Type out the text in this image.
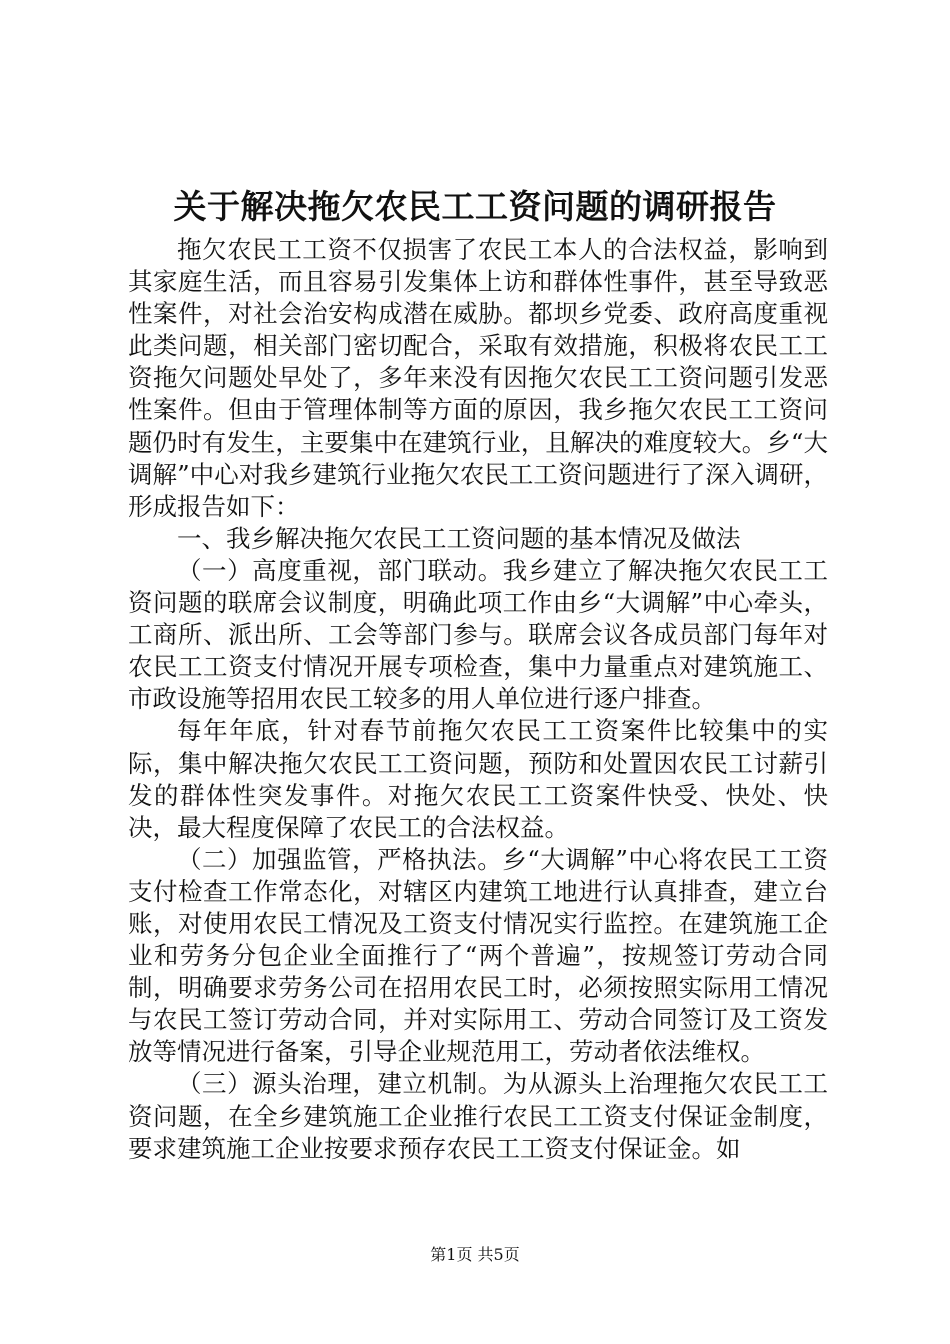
关于解决拖欠农民工工资问题的调研报告

拖欠农民工工资不仅损害了农民工本人的合法权益，影响到其家庭生活，而且容易引发集体上访和群体性事件，甚至导致恶性案件，对社会治安构成潜在威胁。都坝乡党委、政府高度重视此类问题，相关部门密切配合，采取有效措施，积极将农民工工资拖欠问题处早处了，多年来没有因拖欠农民工工资问题引发恶性案件。但由于管理体制等方面的原因，我乡拖欠农民工工资问题仍时有发生，主要集中在建筑行业，且解决的难度较大。乡“大调解”中心对我乡建筑行业拖欠农民工工资问题进行了深入调研，形成报告如下：

一、我乡解决拖欠农民工工资问题的基本情况及做法

（一）高度重视，部门联动。我乡建立了解决拖欠农民工工资问题的联席会议制度，明确此项工作由乡“大调解”中心牵头，工商所、派出所、工会等部门参与。联席会议各成员部门每年对农民工工资支付情况开展专项检查，集中力量重点对建筑施工、市政设施等招用农民工较多的用人单位进行逐户排查。

每年年底，针对春节前拖欠农民工工资案件比较集中的实际，集中解决拖欠农民工工资问题，预防和处置因农民工讨薪引发的群体性突发事件。对拖欠农民工工资案件快受、快处、快决，最大程度保障了农民工的合法权益。

（二）加强监管，严格执法。乡“大调解”中心将农民工工资支付检查工作常态化，对辖区内建筑工地进行认真排查，建立台账，对使用农民工情况及工资支付情况实行监控。在建筑施工企业和劳务分包企业全面推行了“两个普遍”，按规签订劳动合同制，明确要求劳务公司在招用农民工时，必须按照实际用工情况与农民工签订劳动合同，并对实际用工、劳动合同签订及工资发放等情况进行备案，引导企业规范用工，劳动者依法维权。

（三）源头治理，建立机制。为从源头上治理拖欠农民工工资问题，在全乡建筑施工企业推行农民工工资支付保证金制度，要求建筑施工企业按要求预存农民工工资支付保证金。如

第1页 共5页
